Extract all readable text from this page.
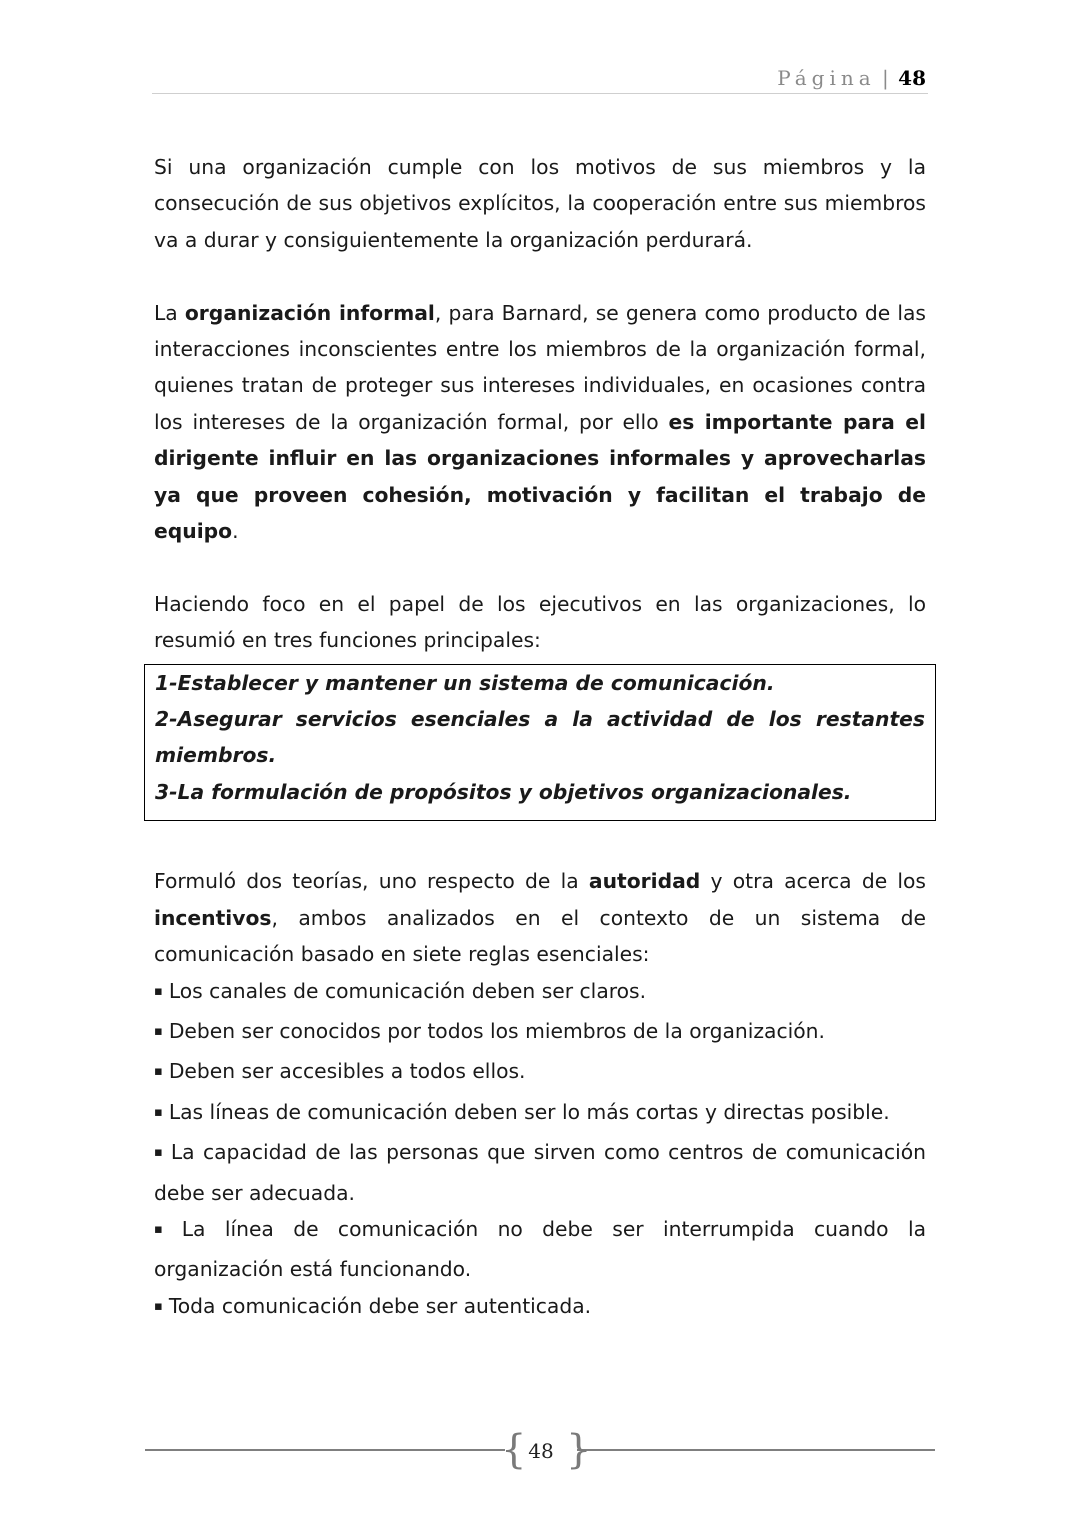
Página | 48

Si una organización cumple con los motivos de sus miembros y la consecución de sus objetivos explícitos, la cooperación entre sus miembros va a durar y consiguientemente la organización perdurará.

La organización informal, para Barnard, se genera como producto de las interacciones inconscientes entre los miembros de la organización formal, quienes tratan de proteger sus intereses individuales, en ocasiones contra los intereses de la organización formal, por ello es importante para el dirigente influir en las organizaciones informales y aprovecharlas ya que proveen cohesión, motivación y facilitan el trabajo de equipo.

Haciendo foco en el papel de los ejecutivos en las organizaciones, lo resumió en tres funciones principales:

1-Establecer y mantener un sistema de comunicación.

2-Asegurar servicios esenciales a la actividad de los restantes miembros.

3-La formulación de propósitos y objetivos organizacionales.

Formuló dos teorías, uno respecto de la autoridad y otra acerca de los incentivos, ambos analizados en el contexto de un sistema de comunicación basado en siete reglas esenciales:

▪ Los canales de comunicación deben ser claros.
▪ Deben ser conocidos por todos los miembros de la organización.
▪ Deben ser accesibles a todos ellos.
▪ Las líneas de comunicación deben ser lo más cortas y directas posible.
▪ La capacidad de las personas que sirven como centros de comunicación debe ser adecuada.
▪ La línea de comunicación no debe ser interrumpida cuando la organización está funcionando.
▪ Toda comunicación debe ser autenticada.
{ 48 }
